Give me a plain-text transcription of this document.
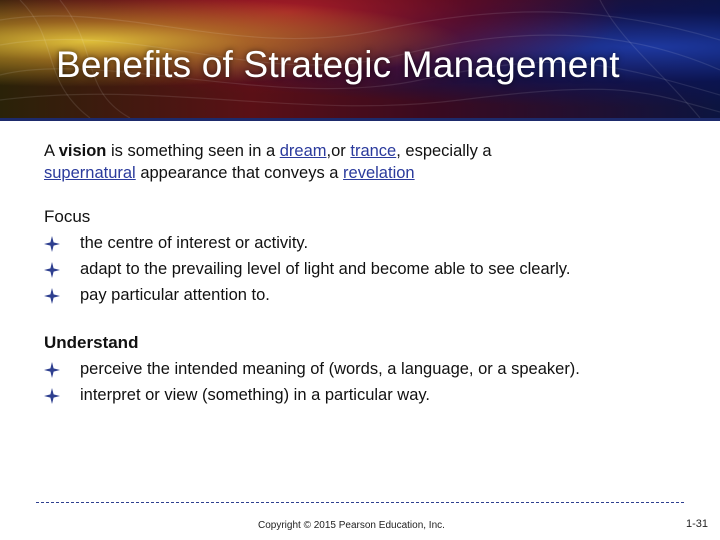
Benefits of Strategic Management

A vision is something seen in a dream,or trance, especially a
supernatural appearance that conveys a revelation

Focus
the centre of interest or activity.
adapt to the prevailing level of light and become able to see clearly.
pay particular attention to.
Understand
perceive the intended meaning of (words, a language, or a speaker).
interpret or view (something) in a particular way.
Copyright © 2015 Pearson Education, Inc.	1-31
